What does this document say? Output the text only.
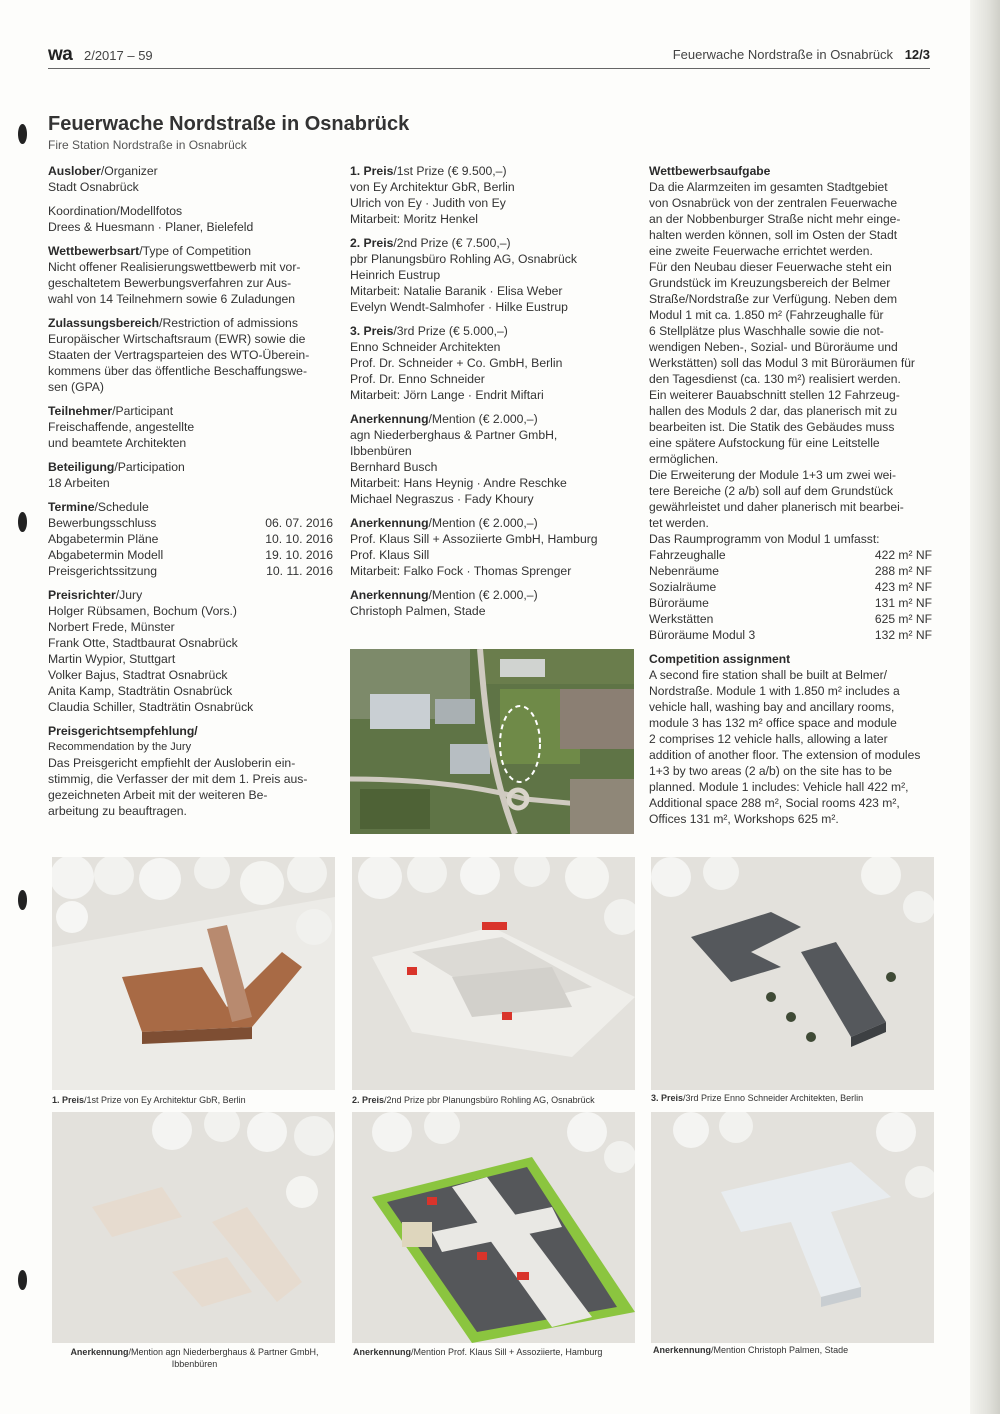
wa 2/2017 – 59	Feuerwache Nordstraße in Osnabrück 12/3
Feuerwache Nordstraße in Osnabrück
Fire Station Nordstraße in Osnabrück

Auslober/Organizer

Stadt Osnabrück

Koordination/Modellfotos

Drees & Huesmann · Planer, Bielefeld

Wettbewerbsart/Type of Competition

Nicht offener Realisierungswettbewerb mit vor-

geschaltetem Bewerbungsverfahren zur Aus-

wahl von 14 Teilnehmern sowie 6 Zuladungen

Zulassungsbereich/Restriction of admissions

Europäischer Wirtschaftsraum (EWR) sowie die

Staaten der Vertragsparteien des WTO-Überein-

kommens über das öffentliche Beschaffungswe-

sen (GPA)

Teilnehmer/Participant

Freischaffende, angestellte

und beamtete Architekten

Beteiligung/Participation

18 Arbeiten

Termine/Schedule

Bewerbungsschluss	06. 07. 2016
Abgabetermin Pläne	10. 10. 2016
Abgabetermin Modell	19. 10. 2016
Preisgerichtssitzung	10. 11. 2016

Preisrichter/Jury

Holger Rübsamen, Bochum (Vors.)

Norbert Frede, Münster

Frank Otte, Stadtbaurat Osnabrück

Martin Wypior, Stuttgart

Volker Bajus, Stadtrat Osnabrück

Anita Kamp, Stadträtin Osnabrück

Claudia Schiller, Stadträtin Osnabrück

Preisgerichtsempfehlung/

Recommendation by the Jury

Das Preisgericht empfiehlt der Ausloberin ein-

stimmig, die Verfasser der mit dem 1. Preis aus-

gezeichneten Arbeit mit der weiteren Be-

arbeitung zu beauftragen.

1. Preis/1st Prize (€ 9.500,–)

von Ey Architektur GbR, Berlin

Ulrich von Ey · Judith von Ey

Mitarbeit: Moritz Henkel

2. Preis/2nd Prize (€ 7.500,–)

pbr Planungsbüro Rohling AG, Osnabrück

Heinrich Eustrup

Mitarbeit: Natalie Baranik · Elisa Weber

Evelyn Wendt-Salmhofer · Hilke Eustrup

3. Preis/3rd Prize (€ 5.000,–)

Enno Schneider Architekten

Prof. Dr. Schneider + Co. GmbH, Berlin

Prof. Dr. Enno Schneider

Mitarbeit: Jörn Lange · Endrit Miftari

Anerkennung/Mention (€ 2.000,–)

agn Niederberghaus & Partner GmbH,

Ibbenbüren

Bernhard Busch

Mitarbeit: Hans Heynig · Andre Reschke

Michael Negraszus · Fady Khoury

Anerkennung/Mention (€ 2.000,–)

Prof. Klaus Sill + Assoziierte GmbH, Hamburg

Prof. Klaus Sill

Mitarbeit: Falko Fock · Thomas Sprenger

Anerkennung/Mention (€ 2.000,–)

Christoph Palmen, Stade

Wettbewerbsaufgabe

Da die Alarmzeiten im gesamten Stadtgebiet

von Osnabrück von der zentralen Feuerwache

an der Nobbenburger Straße nicht mehr einge-

halten werden können, soll im Osten der Stadt

eine zweite Feuerwache errichtet werden.

Für den Neubau dieser Feuerwache steht ein

Grundstück im Kreuzungsbereich der Belmer

Straße/Nordstraße zur Verfügung. Neben dem

Modul 1 mit ca. 1.850 m² (Fahrzeughalle für

6 Stellplätze plus Waschhalle sowie die not-

wendigen Neben-, Sozial- und Büroräume und

Werkstätten) soll das Modul 3 mit Büroräumen für

den Tagesdienst (ca. 130 m²) realisiert werden.

Ein weiterer Bauabschnitt stellen 12 Fahrzeug-

hallen des Moduls 2 dar, das planerisch mit zu

bearbeiten ist. Die Statik des Gebäudes muss

eine spätere Aufstockung für eine Leitstelle

ermöglichen.

Die Erweiterung der Module 1+3 um zwei wei-

tere Bereiche (2 a/b) soll auf dem Grundstück

gewährleistet und daher planerisch mit bearbei-

tet werden.

Das Raumprogramm von Modul 1 umfasst:

Fahrzeughalle	422 m² NF
Nebenräume	288 m² NF
Sozialräume	423 m² NF
Büroräume	131 m² NF
Werkstätten	625 m² NF
Büroräume Modul 3	132 m² NF

Competition assignment

A second fire station shall be built at Belmer/

Nordstraße. Module 1 with 1.850 m² includes a

vehicle hall, washing bay and ancillary rooms,

module 3 has 132 m² office space and module

2 comprises 12 vehicle halls, allowing a later

addition of another floor. The extension of modules

1+3 by two areas (2 a/b) on the site has to be

planned. Module 1 includes: Vehicle hall 422 m²,

Additional space 288 m², Social rooms 423 m²,

Offices 131 m², Workshops 625 m².

1. Preis/1st Prize von Ey Architektur GbR, Berlin	2. Preis/2nd Prize pbr Planungsbüro Rohling AG, Osnabrück	3. Preis/3rd Prize Enno Schneider Architekten, Berlin
Anerkennung/Mention agn Niederberghaus & Partner GmbH,
Ibbenbüren
Anerkennung/Mention Prof. Klaus Sill + Assoziierte, Hamburg	Anerkennung/Mention Christoph Palmen, Stade
